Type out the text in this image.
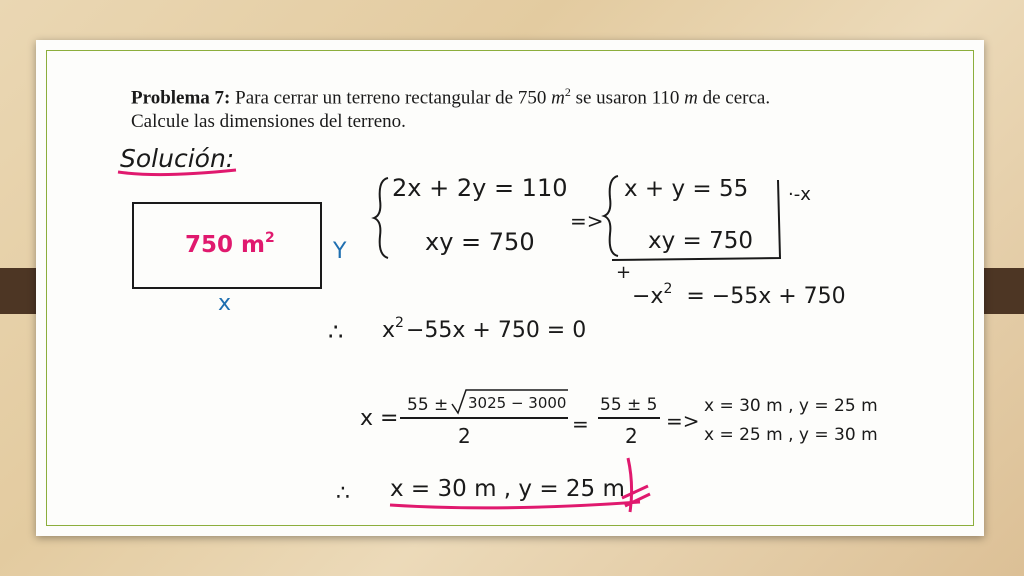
Problema 7: Para cerrar un terreno rectangular de 750 $m^2$ se usaron 110 m de cerca.
Calcule las dimensiones del terreno.
Solución:
750 $m^2$
Y
x
2x + 2y = 110
xy = 750
=>
x + y = 55
xy = 750
·-x
+
$-x^2 = -55x + 750$
∴ $x^2-55x + 750 = 0$
x =
55 ± 3025 − 3000
2	=
55 ± 5
2
=>
x = 30 m , y = 25 m
x = 25 m , y = 30 m
∴ x = 30 m , y = 25 m
